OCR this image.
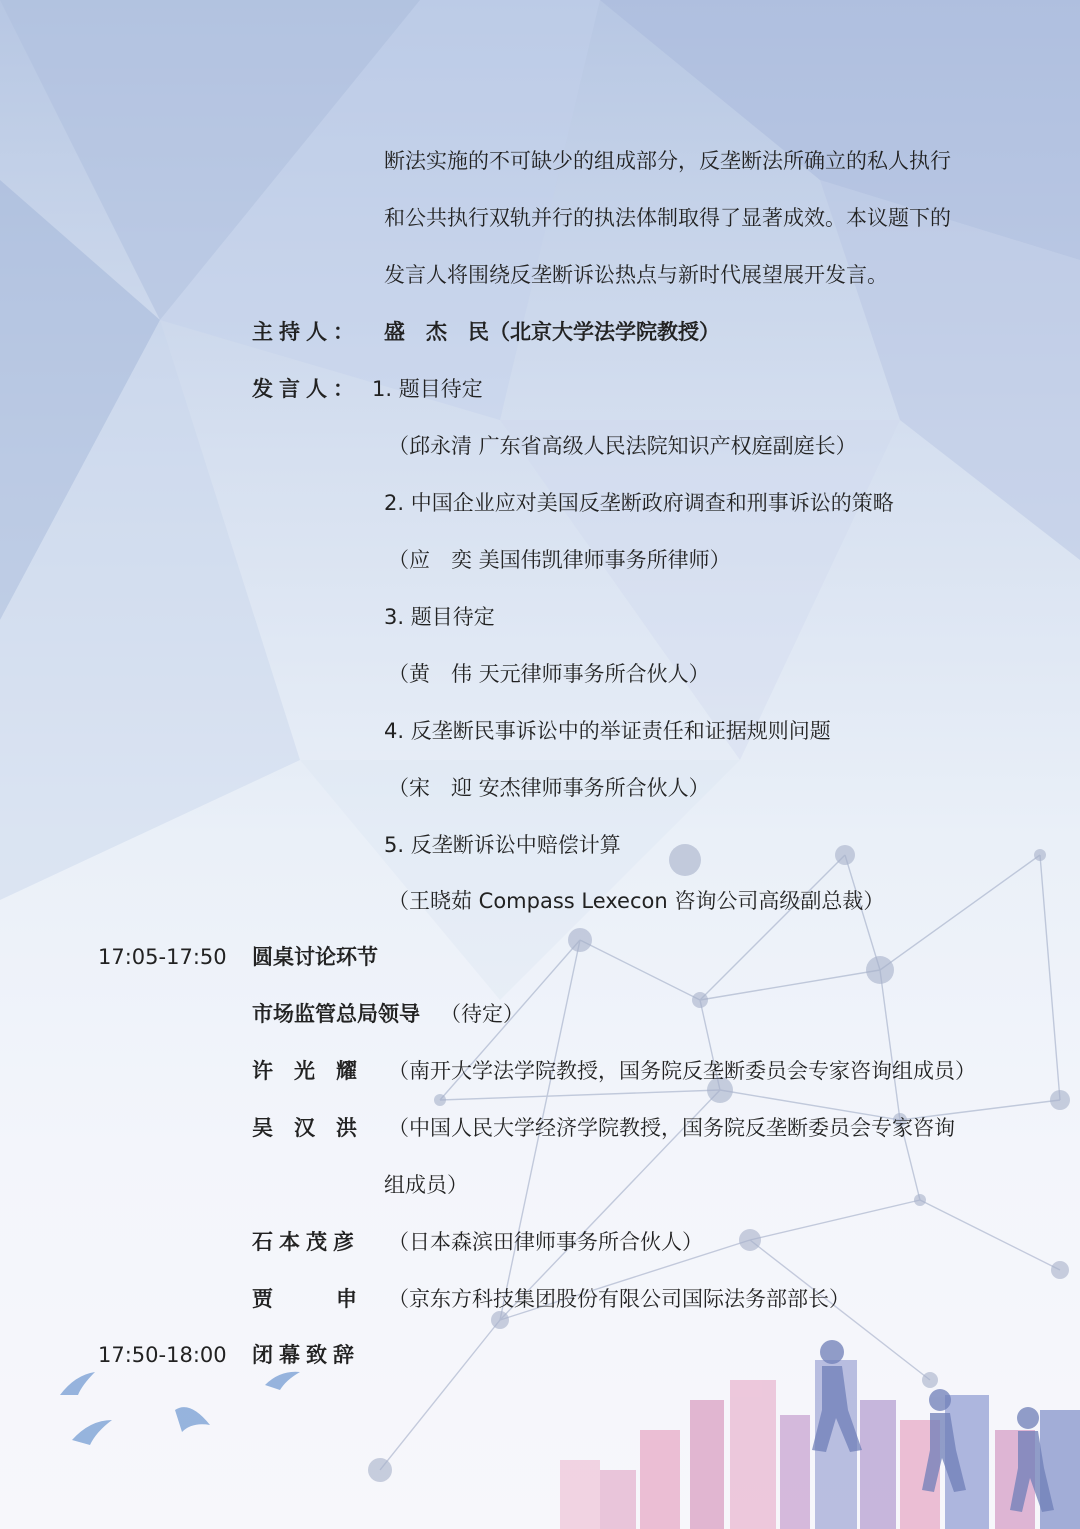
断法实施的不可缺少的组成部分，反垄断法所确立的私人执行
和公共执行双轨并行的执法体制取得了显著成效。本议题下的
发言人将围绕反垄断诉讼热点与新时代展望展开发言。
主持人： 盛　杰　民（北京大学法学院教授）
发言人： 1. 题目待定
（邱永清 广东省高级人民法院知识产权庭副庭长）
2. 中国企业应对美国反垄断政府调查和刑事诉讼的策略
（应　奕 美国伟凯律师事务所律师）
3. 题目待定
（黄　伟 天元律师事务所合伙人）
4. 反垄断民事诉讼中的举证责任和证据规则问题
（宋　迎 安杰律师事务所合伙人）
5. 反垄断诉讼中赔偿计算
（王晓茹 Compass Lexecon 咨询公司高级副总裁）
17:05-17:50 圆桌讨论环节
市场监管总局领导 （待定）
许　光　耀 （南开大学法学院教授，国务院反垄断委员会专家咨询组成员）
吴　汉　洪 （中国人民大学经济学院教授，国务院反垄断委员会专家咨询
组成员）
石本茂彦 （日本森滨田律师事务所合伙人）
贾　　　申 （京东方科技集团股份有限公司国际法务部部长）
17:50-18:00 闭幕致辞
